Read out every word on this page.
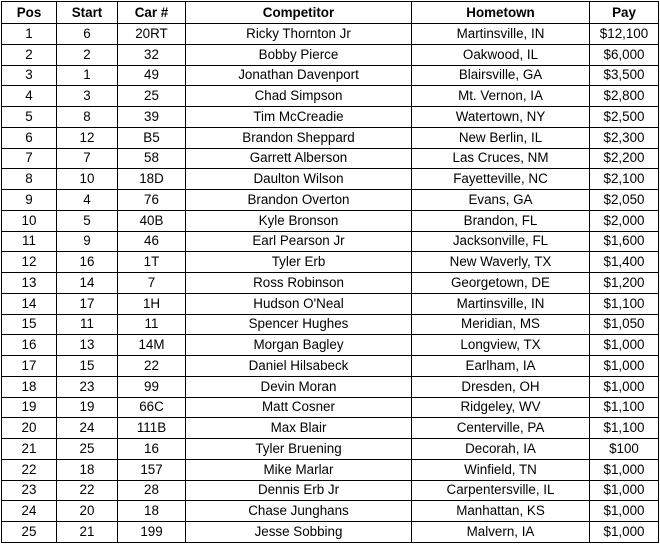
Pos	Start	Car #	Competitor	Hometown	Pay
1	6	20RT	Ricky Thornton Jr	Martinsville, IN	$12,100
2	2	32	Bobby Pierce	Oakwood, IL	$6,000
3	1	49	Jonathan Davenport	Blairsville, GA	$3,500
4	3	25	Chad Simpson	Mt. Vernon, IA	$2,800
5	8	39	Tim McCreadie	Watertown, NY	$2,500
6	12	B5	Brandon Sheppard	New Berlin, IL	$2,300
7	7	58	Garrett Alberson	Las Cruces, NM	$2,200
8	10	18D	Daulton Wilson	Fayetteville, NC	$2,100
9	4	76	Brandon Overton	Evans, GA	$2,050
10	5	40B	Kyle Bronson	Brandon, FL	$2,000
11	9	46	Earl Pearson Jr	Jacksonville, FL	$1,600
12	16	1T	Tyler Erb	New Waverly, TX	$1,400
13	14	7	Ross Robinson	Georgetown, DE	$1,200
14	17	1H	Hudson O'Neal	Martinsville, IN	$1,100
15	11	11	Spencer Hughes	Meridian, MS	$1,050
16	13	14M	Morgan Bagley	Longview, TX	$1,000
17	15	22	Daniel Hilsabeck	Earlham, IA	$1,000
18	23	99	Devin Moran	Dresden, OH	$1,000
19	19	66C	Matt Cosner	Ridgeley, WV	$1,100
20	24	111B	Max Blair	Centerville, PA	$1,100
21	25	16	Tyler Bruening	Decorah, IA	$100
22	18	157	Mike Marlar	Winfield, TN	$1,000
23	22	28	Dennis Erb Jr	Carpentersville, IL	$1,000
24	20	18	Chase Junghans	Manhattan, KS	$1,000
25	21	199	Jesse Sobbing	Malvern, IA	$1,000
